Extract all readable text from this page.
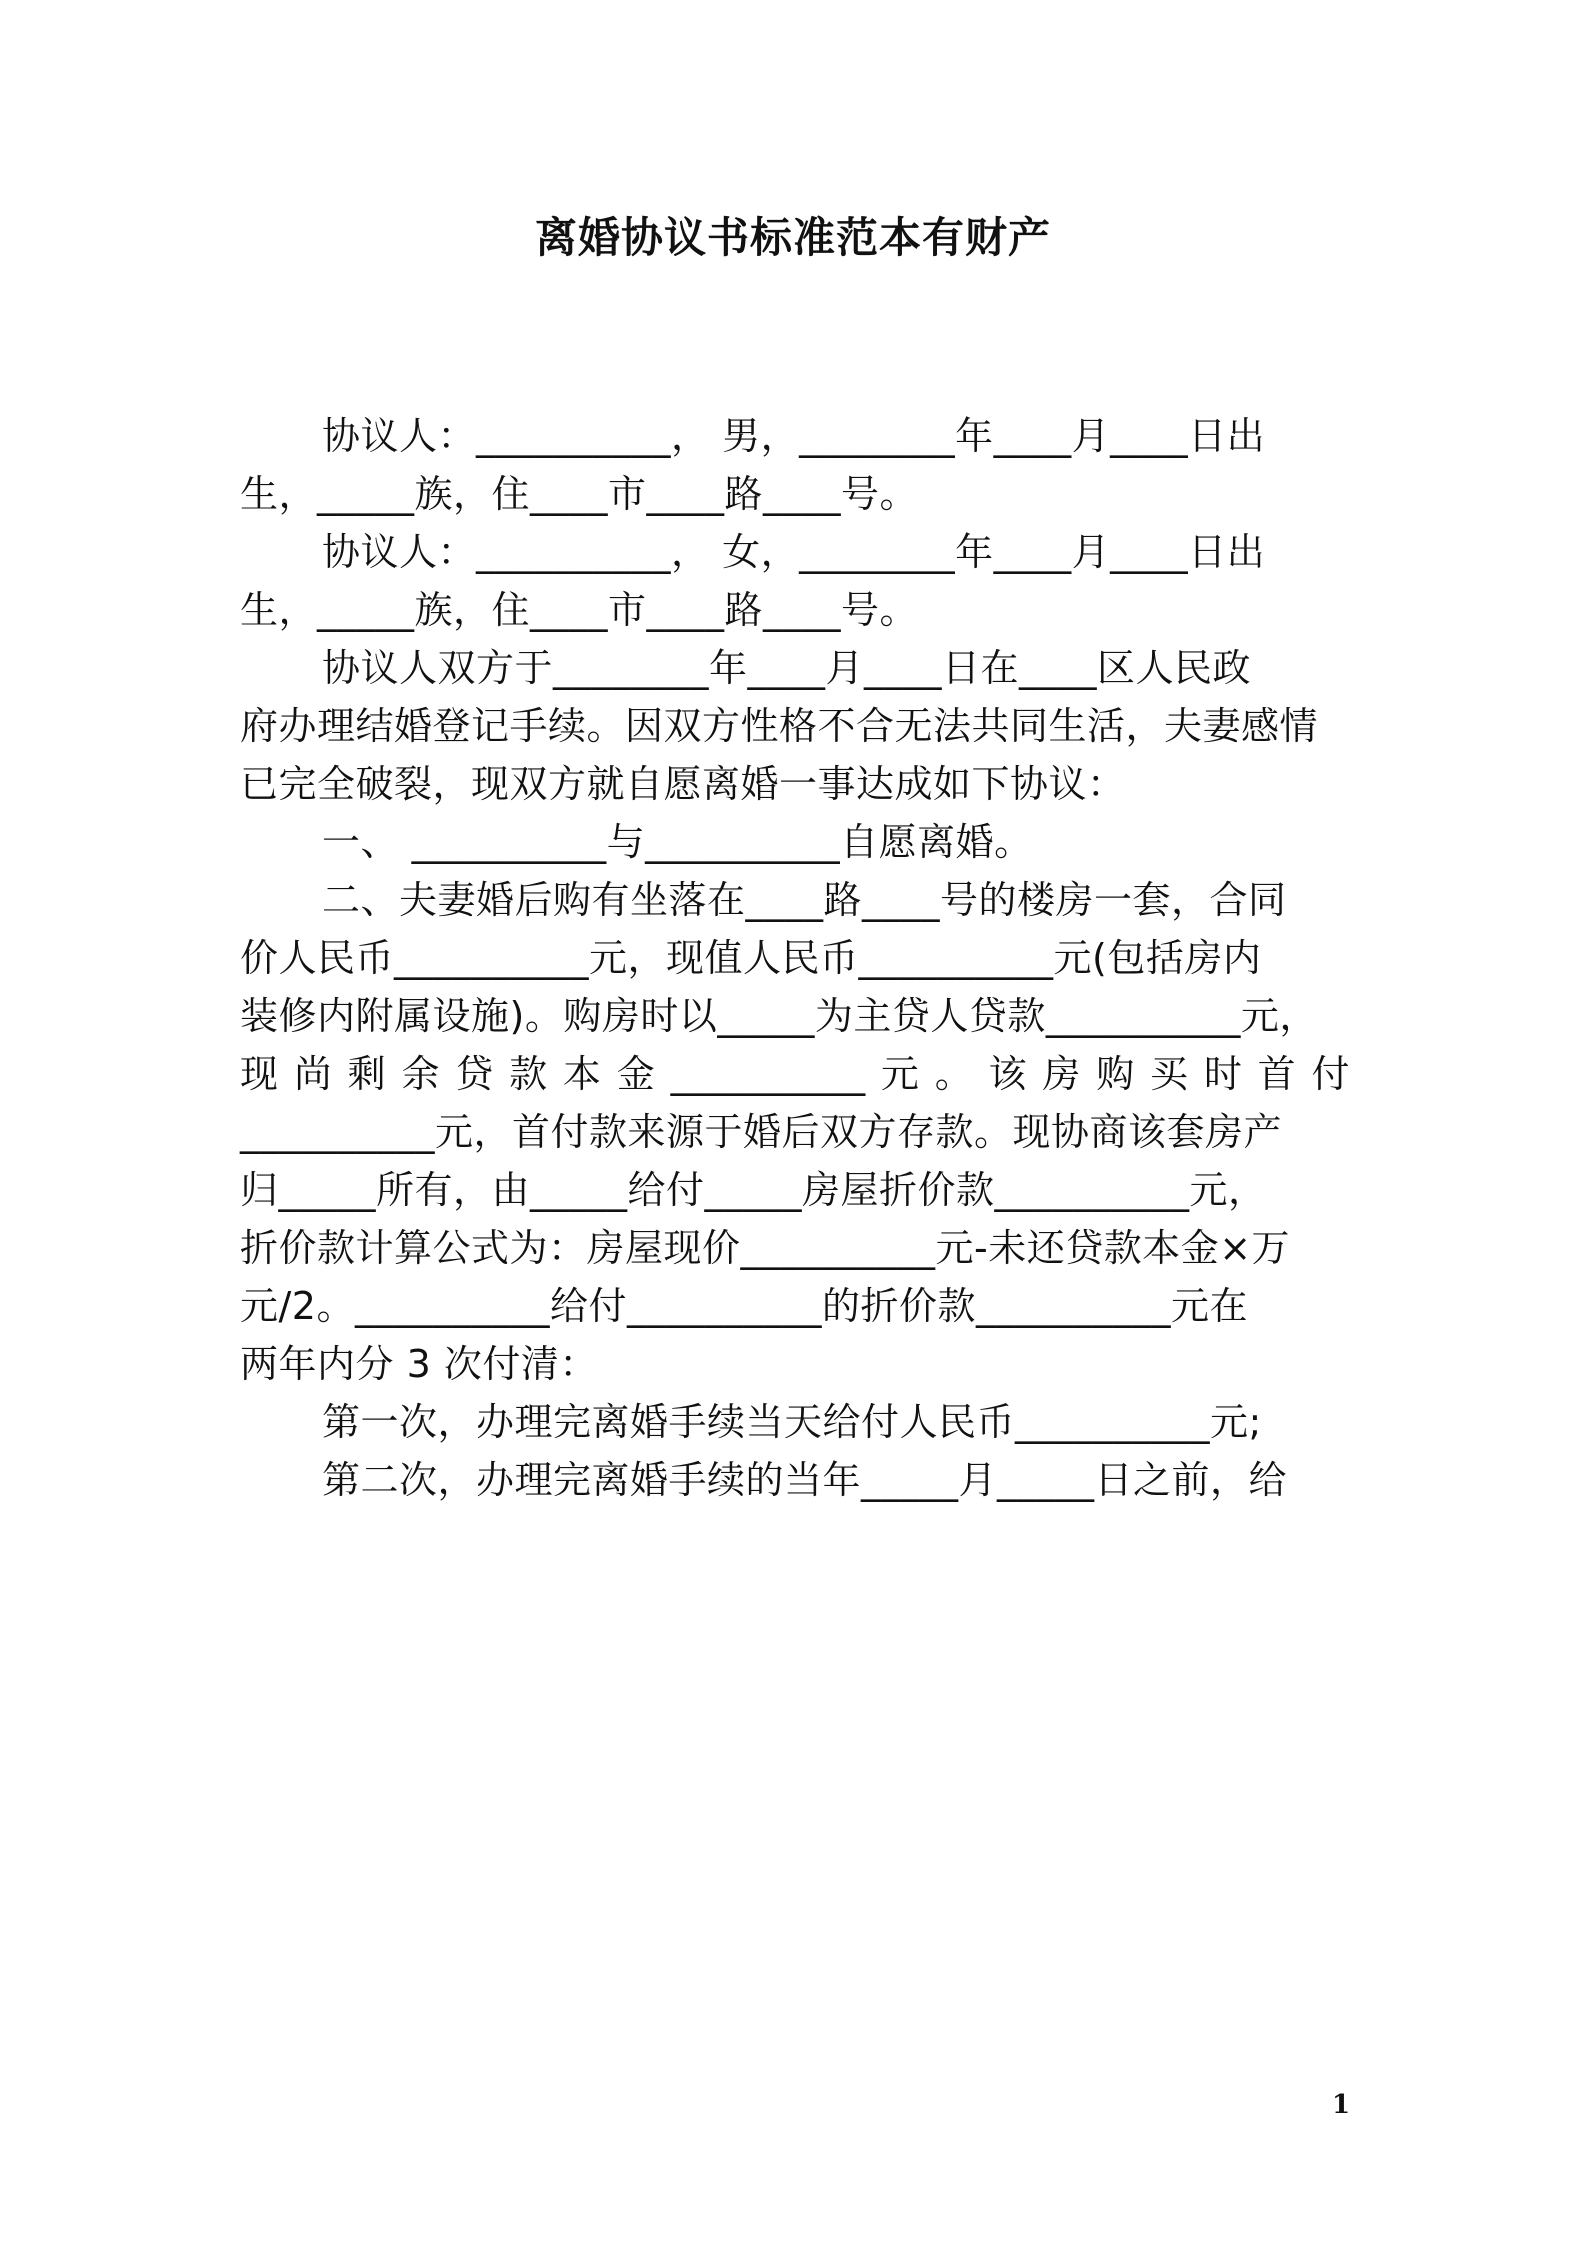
离婚协议书标准范本有财产
协议人：__________， 男，________年____月____日出
生，_____族，住____市____路____号。
协议人：__________， 女，________年____月____日出
生，_____族，住____市____路____号。
协议人双方于________年____月____日在____区人民政
府办理结婚登记手续。因双方性格不合无法共同生活，夫妻感情
已完全破裂，现双方就自愿离婚一事达成如下协议：
一、 __________与__________自愿离婚。
二、夫妻婚后购有坐落在____路____号的楼房一套，合同
价人民币__________元，现值人民币__________元(包括房内
装修内附属设施)。购房时以_____为主贷人贷款__________元，
现尚剩余贷款本金__________元。该房购买时首付
__________元，首付款来源于婚后双方存款。现协商该套房产
归_____所有，由_____给付_____房屋折价款__________元，
折价款计算公式为：房屋现价__________元-未还贷款本金×万
元/2。__________给付__________的折价款__________元在
两年内分 3 次付清：
第一次，办理完离婚手续当天给付人民币__________元;
第二次，办理完离婚手续的当年_____月_____日之前，给
1
